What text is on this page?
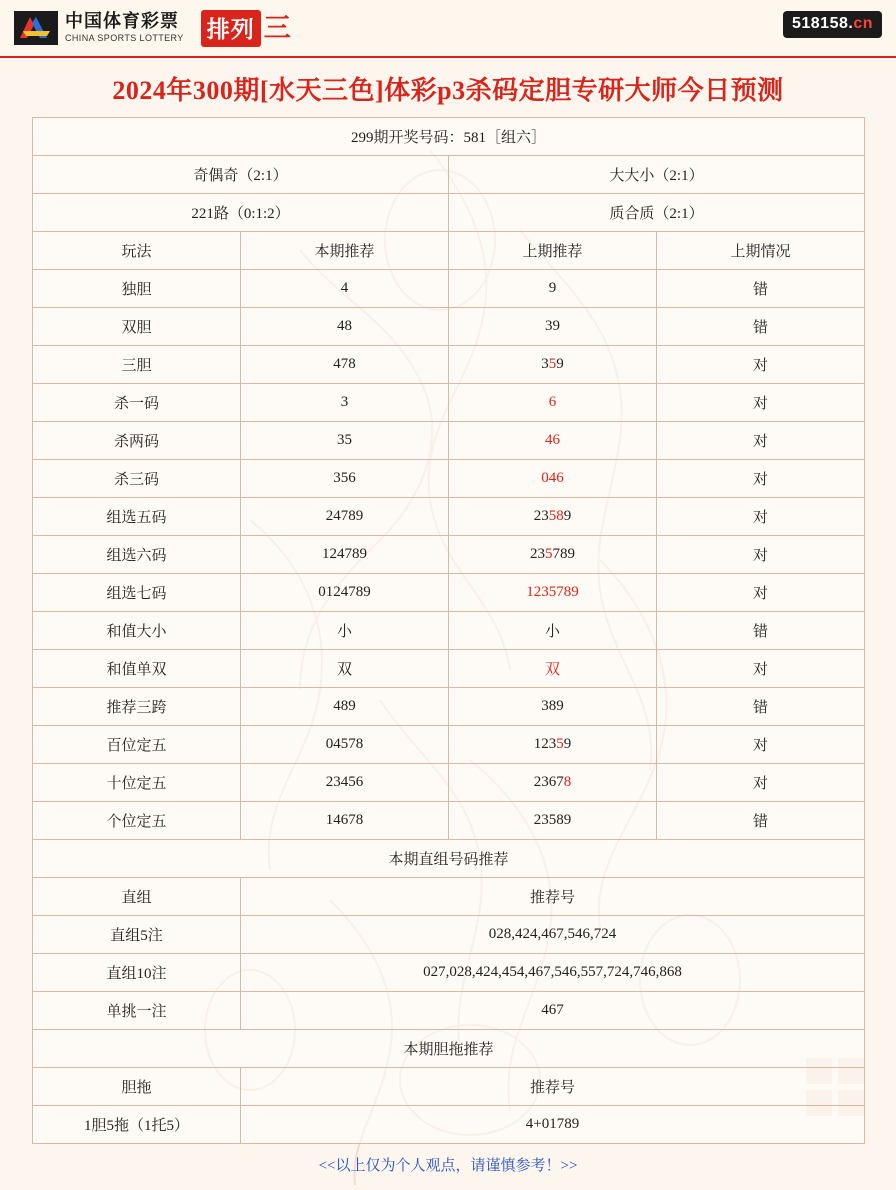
中国体育彩票
CHINA SPORTS LOTTERY 排列 三	518158.cn
2024年300期[水天三色]体彩p3杀码定胆专研大师今日预测
299期开奖号码：581［组六］			
奇偶奇（2:1）		大大小（2:1）	
221路（0:1:2）		质合质（2:1）	
玩法	本期推荐	上期推荐	上期情况
独胆	4	9	错
双胆	48	39	错
三胆	478	359	对
杀一码	3	6	对
杀两码	35	46	对
杀三码	356	046	对
组选五码	24789	23589	对
组选六码	124789	235789	对
组选七码	0124789	1235789	对
和值大小	小	小	错
和值单双	双	双	对
推荐三跨	489	389	错
百位定五	04578	12359	对
十位定五	23456	23678	对
个位定五	14678	23589	错
本期直组号码推荐	
直组	推荐号
直组5注	028,424,467,546,724
直组10注	027,028,424,454,467,546,557,724,746,868
单挑一注	467
本期胆拖推荐	
胆拖	推荐号
1胆5拖（1托5）	4+01789
<<以上仅为个人观点，请谨慎参考！>>
